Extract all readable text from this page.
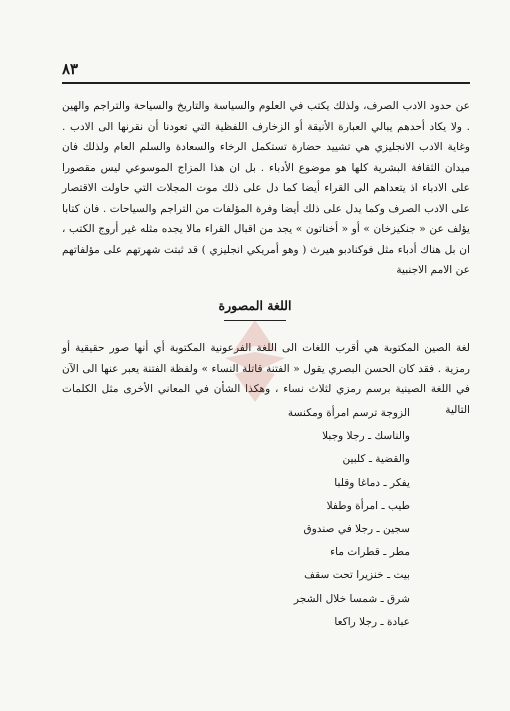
٨٣

عن حدود الادب الصرف، ولذلك يكتب في العلوم والسياسة والتاريخ والسياحة والتراجم والهين . ولا يكاد أحدهم يبالي العبارة الأنيقة أو الزخارف اللفظية التي تعودنا أن نقرنها الى الادب . وغاية الادب الانجليزي هي تشييد حضارة تستكمل الرخاء والسعادة والسلم العام ولذلك فان ميدان الثقافة البشرية كلها هو موضوع الأدباء . بل ان هذا المزاج الموسوعي ليس مقصورا على الادباء اذ يتعداهم الى القراء أيضا كما دل على ذلك موت المجلات التي حاولت الاقتصار على الادب الصرف وكما يدل على ذلك أيضا وفرة المؤلفات من التراجم والسياحات . فان كتابا يؤلف عن « جنكيزخان » أو « أخناتون » يجد من اقبال القراء مالا يجده مثله غير أروج الكتب ، ان بل هناك أدباء مثل فوكنادبو هيرث ( وهو أمريكي انجليزي ) قد ثبتت شهرتهم على مؤلفاتهم عن الامم الاجنبية

اللغة المصورة

لغة الصين المكتوبة هي أقرب اللغات الى اللغة الفرعونية المكتوبة أي أنها صور حقيقية أو رمزية . فقد كان الحسن البصري يقول « الفتنة قاتلة النساء » ولفظة الفتنة يعبر عنها الى الآن في اللغة الصينية برسم رمزي لثلاث نساء ، وهكذا الشأن في المعاني الأخرى مثل الكلمات التالية

الزوجة ترسم امرأة ومكنسة
والناسك ـ رجلا وجبلا
والقضية ـ كلبين
يفكر ـ دماغا وقلبا
طيب ـ امرأة وطفلا
سجين ـ رجلا في صندوق
مطر ـ قطرات ماء
بيت ـ خنزيرا تحت سقف
شرق ـ شمسا خلال الشجر
عبادة ـ رجلا راكعا
